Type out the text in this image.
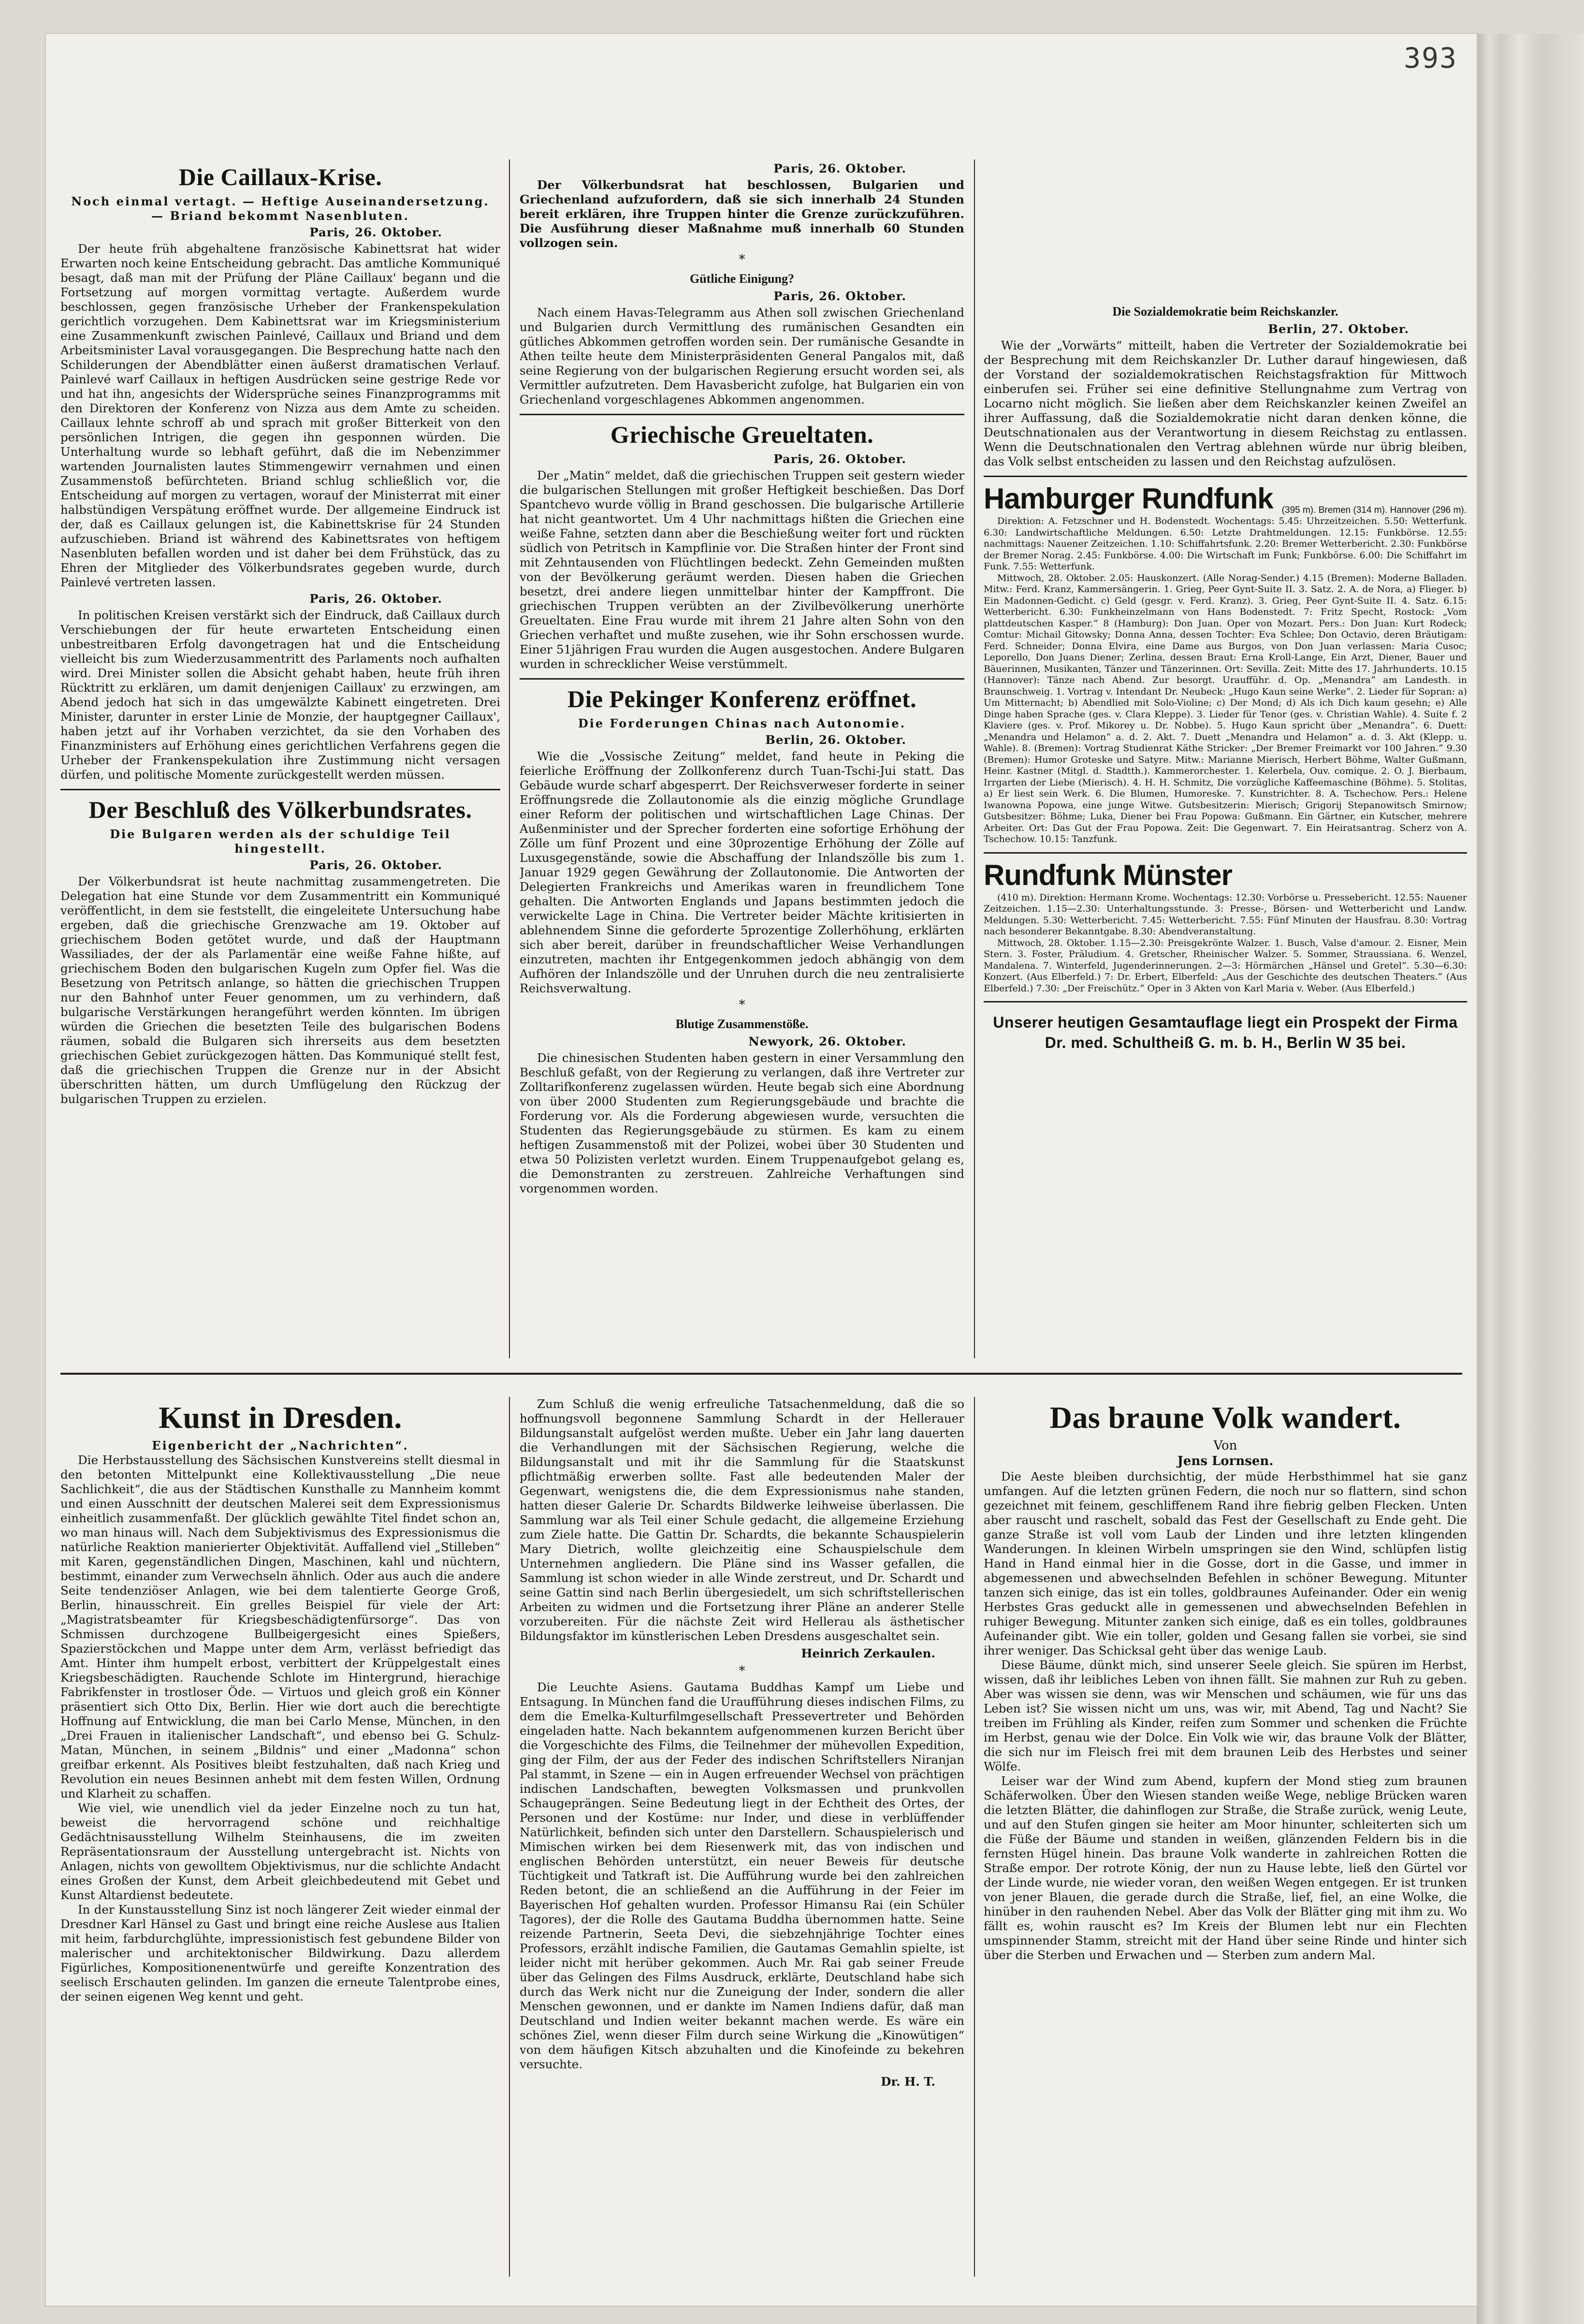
393
Die Caillaux-Krise.
Noch einmal vertagt. — Heftige Auseinandersetzung. — Briand bekommt Nasenbluten.
Paris, 26. Oktober.

Der heute früh abgehaltene französische Kabinettsrat hat wider Erwarten noch keine Entscheidung gebracht. Das amtliche Kommuniqué besagt, daß man mit der Prüfung der Pläne Caillaux' begann und die Fortsetzung auf morgen vormittag vertagte. Außerdem wurde beschlossen, gegen französische Urheber der Frankenspekulation gerichtlich vorzugehen. Dem Kabinettsrat war im Kriegsministerium eine Zusammenkunft zwischen Painlevé, Caillaux und Briand und dem Arbeitsminister Laval vorausgegangen. Die Besprechung hatte nach den Schilderungen der Abendblätter einen äußerst dramatischen Verlauf. Painlevé warf Caillaux in heftigen Ausdrücken seine gestrige Rede vor und hat ihn, angesichts der Widersprüche seines Finanzprogramms mit den Direktoren der Konferenz von Nizza aus dem Amte zu scheiden. Caillaux lehnte schroff ab und sprach mit großer Bitterkeit von den persönlichen Intrigen, die gegen ihn gesponnen würden. Die Unterhaltung wurde so lebhaft geführt, daß die im Nebenzimmer wartenden Journalisten lautes Stimmengewirr vernahmen und einen Zusammenstoß befürchteten. Briand schlug schließlich vor, die Entscheidung auf morgen zu vertagen, worauf der Ministerrat mit einer halbstündigen Verspätung eröffnet wurde. Der allgemeine Eindruck ist der, daß es Caillaux gelungen ist, die Kabinettskrise für 24 Stunden aufzuschieben. Briand ist während des Kabinettsrates von heftigem Nasenbluten befallen worden und ist daher bei dem Frühstück, das zu Ehren der Mitglieder des Völkerbundsrates gegeben wurde, durch Painlevé vertreten lassen.

Paris, 26. Oktober.

In politischen Kreisen verstärkt sich der Eindruck, daß Caillaux durch Verschiebungen der für heute erwarteten Entscheidung einen unbestreitbaren Erfolg davongetragen hat und die Entscheidung vielleicht bis zum Wiederzusammentritt des Parlaments noch aufhalten wird. Drei Minister sollen die Absicht gehabt haben, heute früh ihren Rücktritt zu erklären, um damit denjenigen Caillaux' zu erzwingen, am Abend jedoch hat sich in das umgewälzte Kabinett eingetreten. Drei Minister, darunter in erster Linie de Monzie, der hauptgegner Caillaux', haben jetzt auf ihr Vorhaben verzichtet, da sie den Vorhaben des Finanzministers auf Erhöhung eines gerichtlichen Verfahrens gegen die Urheber der Frankenspekulation ihre Zustimmung nicht versagen dürfen, und politische Momente zurückgestellt werden müssen.

Der Beschluß des Völkerbundsrates.
Die Bulgaren werden als der schuldige Teil hingestellt.
Paris, 26. Oktober.

Der Völkerbundsrat ist heute nachmittag zusammengetreten. Die Delegation hat eine Stunde vor dem Zusammentritt ein Kommuniqué veröffentlicht, in dem sie feststellt, die eingeleitete Untersuchung habe ergeben, daß die griechische Grenzwache am 19. Oktober auf griechischem Boden getötet wurde, und daß der Hauptmann Wassiliades, der der als Parlamentär eine weiße Fahne hißte, auf griechischem Boden den bulgarischen Kugeln zum Opfer fiel. Was die Besetzung von Petritsch anlange, so hätten die griechischen Truppen nur den Bahnhof unter Feuer genommen, um zu verhindern, daß bulgarische Verstärkungen herangeführt werden könnten. Im übrigen würden die Griechen die besetzten Teile des bulgarischen Bodens räumen, sobald die Bulgaren sich ihrerseits aus dem besetzten griechischen Gebiet zurückgezogen hätten. Das Kommuniqué stellt fest, daß die griechischen Truppen die Grenze nur in der Absicht überschritten hätten, um durch Umflügelung den Rückzug der bulgarischen Truppen zu erzielen.

Paris, 26. Oktober.

Der Völkerbundsrat hat beschlossen, Bulgarien und Griechenland aufzufordern, daß sie sich innerhalb 24 Stunden bereit erklären, ihre Truppen hinter die Grenze zurückzuführen. Die Ausführung dieser Maßnahme muß innerhalb 60 Stunden vollzogen sein.

*
Gütliche Einigung?
Paris, 26. Oktober.

Nach einem Havas-Telegramm aus Athen soll zwischen Griechenland und Bulgarien durch Vermittlung des rumänischen Gesandten ein gütliches Abkommen getroffen worden sein. Der rumänische Gesandte in Athen teilte heute dem Ministerpräsidenten General Pangalos mit, daß seine Regierung von der bulgarischen Regierung ersucht worden sei, als Vermittler aufzutreten. Dem Havasbericht zufolge, hat Bulgarien ein von Griechenland vorgeschlagenes Abkommen angenommen.

Griechische Greueltaten.
Paris, 26. Oktober.

Der „Matin“ meldet, daß die griechischen Truppen seit gestern wieder die bulgarischen Stellungen mit großer Heftigkeit beschießen. Das Dorf Spantchevo wurde völlig in Brand geschossen. Die bulgarische Artillerie hat nicht geantwortet. Um 4 Uhr nachmittags hißten die Griechen eine weiße Fahne, setzten dann aber die Beschießung weiter fort und rückten südlich von Petritsch in Kampflinie vor. Die Straßen hinter der Front sind mit Zehntausenden von Flüchtlingen bedeckt. Zehn Gemeinden mußten von der Bevölkerung geräumt werden. Diesen haben die Griechen besetzt, drei andere liegen unmittelbar hinter der Kampffront. Die griechischen Truppen verübten an der Zivilbevölkerung unerhörte Greueltaten. Eine Frau wurde mit ihrem 21 Jahre alten Sohn von den Griechen verhaftet und mußte zusehen, wie ihr Sohn erschossen wurde. Einer 51jährigen Frau wurden die Augen ausgestochen. Andere Bulgaren wurden in schrecklicher Weise verstümmelt.

Die Pekinger Konferenz eröffnet.
Die Forderungen Chinas nach Autonomie.
Berlin, 26. Oktober.

Wie die „Vossische Zeitung“ meldet, fand heute in Peking die feierliche Eröffnung der Zollkonferenz durch Tuan-Tschi-Jui statt. Das Gebäude wurde scharf abgesperrt. Der Reichsverweser forderte in seiner Eröffnungsrede die Zollautonomie als die einzig mögliche Grundlage einer Reform der politischen und wirtschaftlichen Lage Chinas. Der Außenminister und der Sprecher forderten eine sofortige Erhöhung der Zölle um fünf Prozent und eine 30prozentige Erhöhung der Zölle auf Luxusgegenstände, sowie die Abschaffung der Inlandszölle bis zum 1. Januar 1929 gegen Gewährung der Zollautonomie. Die Antworten der Delegierten Frankreichs und Amerikas waren in freundlichem Tone gehalten. Die Antworten Englands und Japans bestimmten jedoch die verwickelte Lage in China. Die Vertreter beider Mächte kritisierten in ablehnendem Sinne die geforderte 5prozentige Zollerhöhung, erklärten sich aber bereit, darüber in freundschaftlicher Weise Verhandlungen einzutreten, machten ihr Entgegenkommen jedoch abhängig von dem Aufhören der Inlandszölle und der Unruhen durch die neu zentralisierte Reichsverwaltung.

*
Blutige Zusammenstöße.
Newyork, 26. Oktober.

Die chinesischen Studenten haben gestern in einer Versammlung den Beschluß gefaßt, von der Regierung zu verlangen, daß ihre Vertreter zur Zolltarifkonferenz zugelassen würden. Heute begab sich eine Abordnung von über 2000 Studenten zum Regierungsgebäude und brachte die Forderung vor. Als die Forderung abgewiesen wurde, versuchten die Studenten das Regierungsgebäude zu stürmen. Es kam zu einem heftigen Zusammenstoß mit der Polizei, wobei über 30 Studenten und etwa 50 Polizisten verletzt wurden. Einem Truppenaufgebot gelang es, die Demonstranten zu zerstreuen. Zahlreiche Verhaftungen sind vorgenommen worden.

Die Sozialdemokratie beim Reichskanzler.
Berlin, 27. Oktober.

Wie der „Vorwärts“ mitteilt, haben die Vertreter der Sozialdemokratie bei der Besprechung mit dem Reichskanzler Dr. Luther darauf hingewiesen, daß der Vorstand der sozialdemokratischen Reichstagsfraktion für Mittwoch einberufen sei. Früher sei eine definitive Stellungnahme zum Vertrag von Locarno nicht möglich. Sie ließen aber dem Reichskanzler keinen Zweifel an ihrer Auffassung, daß die Sozialdemokratie nicht daran denken könne, die Deutschnationalen aus der Verantwortung in diesem Reichstag zu entlassen. Wenn die Deutschnationalen den Vertrag ablehnen würde nur übrig bleiben, das Volk selbst entscheiden zu lassen und den Reichstag aufzulösen.

Hamburger Rundfunk (395 m). Bremen (314 m). Hannover (296 m).

Direktion: A. Fetzschner und H. Bodenstedt. Wochentags: 5.45: Uhrzeitzeichen. 5.50: Wetterfunk. 6.30: Landwirtschaftliche Meldungen. 6.50: Letzte Drahtmeldungen. 12.15: Funkbörse. 12.55: nachmittags: Nauener Zeitzeichen. 1.10: Schiffahrtsfunk. 2.20: Bremer Wetterbericht. 2.30: Funkbörse der Bremer Norag. 2.45: Funkbörse. 4.00: Die Wirtschaft im Funk; Funkbörse. 6.00: Die Schiffahrt im Funk. 7.55: Wetterfunk.

Mittwoch, 28. Oktober. 2.05: Hauskonzert. (Alle Norag-Sender.) 4.15 (Bremen): Moderne Balladen. Mitw.: Ferd. Kranz, Kammersängerin. 1. Grieg, Peer Gynt-Suite II. 3. Satz. 2. A. de Nora, a) Flieger. b) Ein Madonnen-Gedicht. c) Geld (gesgr. v. Ferd. Kranz). 3. Grieg, Peer Gynt-Suite II. 4. Satz. 6.15: Wetterbericht. 6.30: Funkheinzelmann von Hans Bodenstedt. 7: Fritz Specht, Rostock: „Vom plattdeutschen Kasper.“ 8 (Hamburg): Don Juan. Oper von Mozart. Pers.: Don Juan: Kurt Rodeck; Comtur: Michail Gitowsky; Donna Anna, dessen Tochter: Eva Schlee; Don Octavio, deren Bräutigam: Ferd. Schneider; Donna Elvira, eine Dame aus Burgos, von Don Juan verlassen: Maria Cusoc; Leporello, Don Juans Diener; Zerlina, dessen Braut: Erna Kroll-Lange, Ein Arzt, Diener, Bauer und Bäuerinnen, Musikanten, Tänzer und Tänzerinnen. Ort: Sevilla. Zeit: Mitte des 17. Jahrhunderts. 10.15 (Hannover): Tänze nach Abend. Zur besorgt. Uraufführ. d. Op. „Menandra“ am Landesth. in Braunschweig. 1. Vortrag v. Intendant Dr. Neubeck: „Hugo Kaun seine Werke“. 2. Lieder für Sopran: a) Um Mitternacht; b) Abendlied mit Solo-Violine; c) Der Mond; d) Als ich Dich kaum gesehn; e) Alle Dinge haben Sprache (ges. v. Clara Kleppe). 3. Lieder für Tenor (ges. v. Christian Wahle). 4. Suite f. 2 Klaviere (ges. v. Prof. Mikorey u. Dr. Nobbe). 5. Hugo Kaun spricht über „Menandra“. 6. Duett: „Menandra und Helamon“ a. d. 2. Akt. 7. Duett „Menandra und Helamon“ a. d. 3. Akt (Klepp. u. Wahle). 8. (Bremen): Vortrag Studienrat Käthe Stricker: „Der Bremer Freimarkt vor 100 Jahren.“ 9.30 (Bremen): Humor Groteske und Satyre. Mitw.: Marianne Mierisch, Herbert Böhme, Walter Gußmann, Heinr. Kastner (Mitgl. d. Stadtth.). Kammerorchester. 1. Kelerbela, Ouv. comique. 2. O. J. Bierbaum, Irrgarten der Liebe (Mierisch). 4. H. H. Schmitz, Die vorzügliche Kaffeemaschine (Böhme). 5. Stolitas, a) Er liest sein Werk. 6. Die Blumen, Humoreske. 7. Kunstrichter. 8. A. Tschechow. Pers.: Helene Iwanowna Popowa, eine junge Witwe. Gutsbesitzerin: Mierisch; Grigorij Stepanowitsch Smirnow; Gutsbesitzer: Böhme; Luka, Diener bei Frau Popowa: Gußmann. Ein Gärtner, ein Kutscher, mehrere Arbeiter. Ort: Das Gut der Frau Popowa. Zeit: Die Gegenwart. 7. Ein Heiratsantrag. Scherz von A. Tschechow. 10.15: Tanzfunk.

Rundfunk Münster

(410 m). Direktion: Hermann Krome. Wochentags: 12.30: Vorbörse u. Pressebericht. 12.55: Nauener Zeitzeichen. 1.15—2.30: Unterhaltungsstunde. 3: Presse-, Börsen- und Wetterbericht und Landw. Meldungen. 5.30: Wetterbericht. 7.45: Wetterbericht. 7.55: Fünf Minuten der Hausfrau. 8.30: Vortrag nach besonderer Bekanntgabe. 8.30: Abendveranstaltung.

Mittwoch, 28. Oktober. 1.15—2.30: Preisgekrönte Walzer. 1. Busch, Valse d'amour. 2. Eisner, Mein Stern. 3. Foster, Präludium. 4. Gretscher, Rheinischer Walzer. 5. Sommer, Straussiana. 6. Wenzel, Mandalena. 7. Winterfeld, Jugenderinnerungen. 2—3: Hörmärchen „Hänsel und Gretel“. 5.30—6.30: Konzert. (Aus Elberfeld.) 7: Dr. Erbert, Elberfeld: „Aus der Geschichte des deutschen Theaters.“ (Aus Elberfeld.) 7.30: „Der Freischütz.“ Oper in 3 Akten von Karl Maria v. Weber. (Aus Elberfeld.)

Unserer heutigen Gesamtauflage liegt ein Prospekt der Firma Dr. med. Schultheiß G. m. b. H., Berlin W 35 bei.
Kunst in Dresden.
Eigenbericht der „Nachrichten“.

Die Herbstausstellung des Sächsischen Kunstvereins stellt diesmal in den betonten Mittelpunkt eine Kollektivausstellung „Die neue Sachlichkeit“, die aus der Städtischen Kunsthalle zu Mannheim kommt und einen Ausschnitt der deutschen Malerei seit dem Expressionismus einheitlich zusammenfaßt. Der glücklich gewählte Titel findet schon an, wo man hinaus will. Nach dem Subjektivismus des Expressionismus die natürliche Reaktion manierierter Objektivität. Auffallend viel „Stilleben“ mit Karen, gegenständlichen Dingen, Maschinen, kahl und nüchtern, bestimmt, einander zum Verwechseln ähnlich. Oder aus auch die andere Seite tendenziöser Anlagen, wie bei dem talentierte George Groß, Berlin, hinausschreit. Ein grelles Beispiel für viele der Art: „Magistratsbeamter für Kriegsbeschädigtenfürsorge“. Das von Schmissen durchzogene Bullbeigergesicht eines Spießers, Spazierstöckchen und Mappe unter dem Arm, verlässt befriedigt das Amt. Hinter ihm humpelt erbost, verbittert der Krüppelgestalt eines Kriegsbeschädigten. Rauchende Schlote im Hintergrund, hierachige Fabrikfenster in trostloser Öde. — Virtuos und gleich groß ein Könner präsentiert sich Otto Dix, Berlin. Hier wie dort auch die berechtigte Hoffnung auf Entwicklung, die man bei Carlo Mense, München, in den „Drei Frauen in italienischer Landschaft“, und ebenso bei G. Schulz-Matan, München, in seinem „Bildnis“ und einer „Madonna“ schon greifbar erkennt. Als Positives bleibt festzuhalten, daß nach Krieg und Revolution ein neues Besinnen anhebt mit dem festen Willen, Ordnung und Klarheit zu schaffen.

Wie viel, wie unendlich viel da jeder Einzelne noch zu tun hat, beweist die hervorragend schöne und reichhaltige Gedächtnisausstellung Wilhelm Steinhausens, die im zweiten Repräsentationsraum der Ausstellung untergebracht ist. Nichts von Anlagen, nichts von gewolltem Objektivismus, nur die schlichte Andacht eines Großen der Kunst, dem Arbeit gleichbedeutend mit Gebet und Kunst Altardienst bedeutete.

In der Kunstausstellung Sinz ist noch längerer Zeit wieder einmal der Dresdner Karl Hänsel zu Gast und bringt eine reiche Auslese aus Italien mit heim, farbdurchglühte, impressionistisch fest gebundene Bilder von malerischer und architektonischer Bildwirkung. Dazu allerdem Figürliches, Kompositionenentwürfe und gereifte Konzentration des seelisch Erschauten gelinden. Im ganzen die erneute Talentprobe eines, der seinen eigenen Weg kennt und geht.

Zum Schluß die wenig erfreuliche Tatsachenmeldung, daß die so hoffnungsvoll begonnene Sammlung Schardt in der Hellerauer Bildungsanstalt aufgelöst werden mußte. Ueber ein Jahr lang dauerten die Verhandlungen mit der Sächsischen Regierung, welche die Bildungsanstalt und mit ihr die Sammlung für die Staatskunst pflichtmäßig erwerben sollte. Fast alle bedeutenden Maler der Gegenwart, wenigstens die, die dem Expressionismus nahe standen, hatten dieser Galerie Dr. Schardts Bildwerke leihweise überlassen. Die Sammlung war als Teil einer Schule gedacht, die allgemeine Erziehung zum Ziele hatte. Die Gattin Dr. Schardts, die bekannte Schauspielerin Mary Dietrich, wollte gleichzeitig eine Schauspielschule dem Unternehmen angliedern. Die Pläne sind ins Wasser gefallen, die Sammlung ist schon wieder in alle Winde zerstreut, und Dr. Schardt und seine Gattin sind nach Berlin übergesiedelt, um sich schriftstellerischen Arbeiten zu widmen und die Fortsetzung ihrer Pläne an anderer Stelle vorzubereiten. Für die nächste Zeit wird Hellerau als ästhetischer Bildungsfaktor im künstlerischen Leben Dresdens ausgeschaltet sein.

Heinrich Zerkaulen.
*

Die Leuchte Asiens. Gautama Buddhas Kampf um Liebe und Entsagung. In München fand die Uraufführung dieses indischen Films, zu dem die Emelka-Kulturfilmgesellschaft Pressevertreter und Behörden eingeladen hatte. Nach bekanntem aufgenommenen kurzen Bericht über die Vorgeschichte des Films, die Teilnehmer der mühevollen Expedition, ging der Film, der aus der Feder des indischen Schriftstellers Niranjan Pal stammt, in Szene — ein in Augen erfreuender Wechsel von prächtigen indischen Landschaften, bewegten Volksmassen und prunkvollen Schaugeprängen. Seine Bedeutung liegt in der Echtheit des Ortes, der Personen und der Kostüme: nur Inder, und diese in verblüffender Natürlichkeit, befinden sich unter den Darstellern. Schauspielerisch und Mimischen wirken bei dem Riesenwerk mit, das von indischen und englischen Behörden unterstützt, ein neuer Beweis für deutsche Tüchtigkeit und Tatkraft ist. Die Aufführung wurde bei den zahlreichen Reden betont, die an schließend an die Aufführung in der Feier im Bayerischen Hof gehalten wurden. Professor Himansu Rai (ein Schüler Tagores), der die Rolle des Gautama Buddha übernommen hatte. Seine reizende Partnerin, Seeta Devi, die siebzehnjährige Tochter eines Professors, erzählt indische Familien, die Gautamas Gemahlin spielte, ist leider nicht mit herüber gekommen. Auch Mr. Rai gab seiner Freude über das Gelingen des Films Ausdruck, erklärte, Deutschland habe sich durch das Werk nicht nur die Zuneigung der Inder, sondern die aller Menschen gewonnen, und er dankte im Namen Indiens dafür, daß man Deutschland und Indien weiter bekannt machen werde. Es wäre ein schönes Ziel, wenn dieser Film durch seine Wirkung die „Kinowütigen“ von dem häufigen Kitsch abzuhalten und die Kinofeinde zu bekehren versuchte.

Dr. H. T.
Das braune Volk wandert.
Von
Jens Lornsen.

Die Aeste bleiben durchsichtig, der müde Herbsthimmel hat sie ganz umfangen. Auf die letzten grünen Federn, die noch nur so flattern, sind schon gezeichnet mit feinem, geschliffenem Rand ihre fiebrig gelben Flecken. Unten aber rauscht und raschelt, sobald das Fest der Gesellschaft zu Ende geht. Die ganze Straße ist voll vom Laub der Linden und ihre letzten klingenden Wanderungen. In kleinen Wirbeln umspringen sie den Wind, schlüpfen listig Hand in Hand einmal hier in die Gosse, dort in die Gasse, und immer in abgemessenen und abwechselnden Befehlen in schöner Bewegung. Mitunter tanzen sich einige, das ist ein tolles, goldbraunes Aufeinander. Oder ein wenig Herbstes Gras geduckt alle in gemessenen und abwechselnden Befehlen in ruhiger Bewegung. Mitunter zanken sich einige, daß es ein tolles, goldbraunes Aufeinander gibt. Wie ein toller, golden und Gesang fallen sie vorbei, sie sind ihrer weniger. Das Schicksal geht über das wenige Laub.

Diese Bäume, dünkt mich, sind unserer Seele gleich. Sie spüren im Herbst, wissen, daß ihr leibliches Leben von ihnen fällt. Sie mahnen zur Ruh zu geben. Aber was wissen sie denn, was wir Menschen und schäumen, wie für uns das Leben ist? Sie wissen nicht um uns, was wir, mit Abend, Tag und Nacht? Sie treiben im Frühling als Kinder, reifen zum Sommer und schenken die Früchte im Herbst, genau wie der Dolce. Ein Volk wie wir, das braune Volk der Blätter, die sich nur im Fleisch frei mit dem braunen Leib des Herbstes und seiner Wölfe.

Leiser war der Wind zum Abend, kupfern der Mond stieg zum braunen Schäferwolken. Über den Wiesen standen weiße Wege, neblige Brücken waren die letzten Blätter, die dahinflogen zur Straße, die Straße zurück, wenig Leute, und auf den Stufen gingen sie heiter am Moor hinunter, schleiterten sich um die Füße der Bäume und standen in weißen, glänzenden Feldern bis in die fernsten Hügel hinein. Das braune Volk wanderte in zahlreichen Rotten die Straße empor. Der rotrote König, der nun zu Hause lebte, ließ den Gürtel vor der Linde wurde, nie wieder voran, den weißen Wegen entgegen. Er ist trunken von jener Blauen, die gerade durch die Straße, lief, fiel, an eine Wolke, die hinüber in den rauhenden Nebel. Aber das Volk der Blätter ging mit ihm zu. Wo fällt es, wohin rauscht es? Im Kreis der Blumen lebt nur ein Flechten umspinnender Stamm, streicht mit der Hand über seine Rinde und hinter sich über die Sterben und Erwachen und — Sterben zum andern Mal.
